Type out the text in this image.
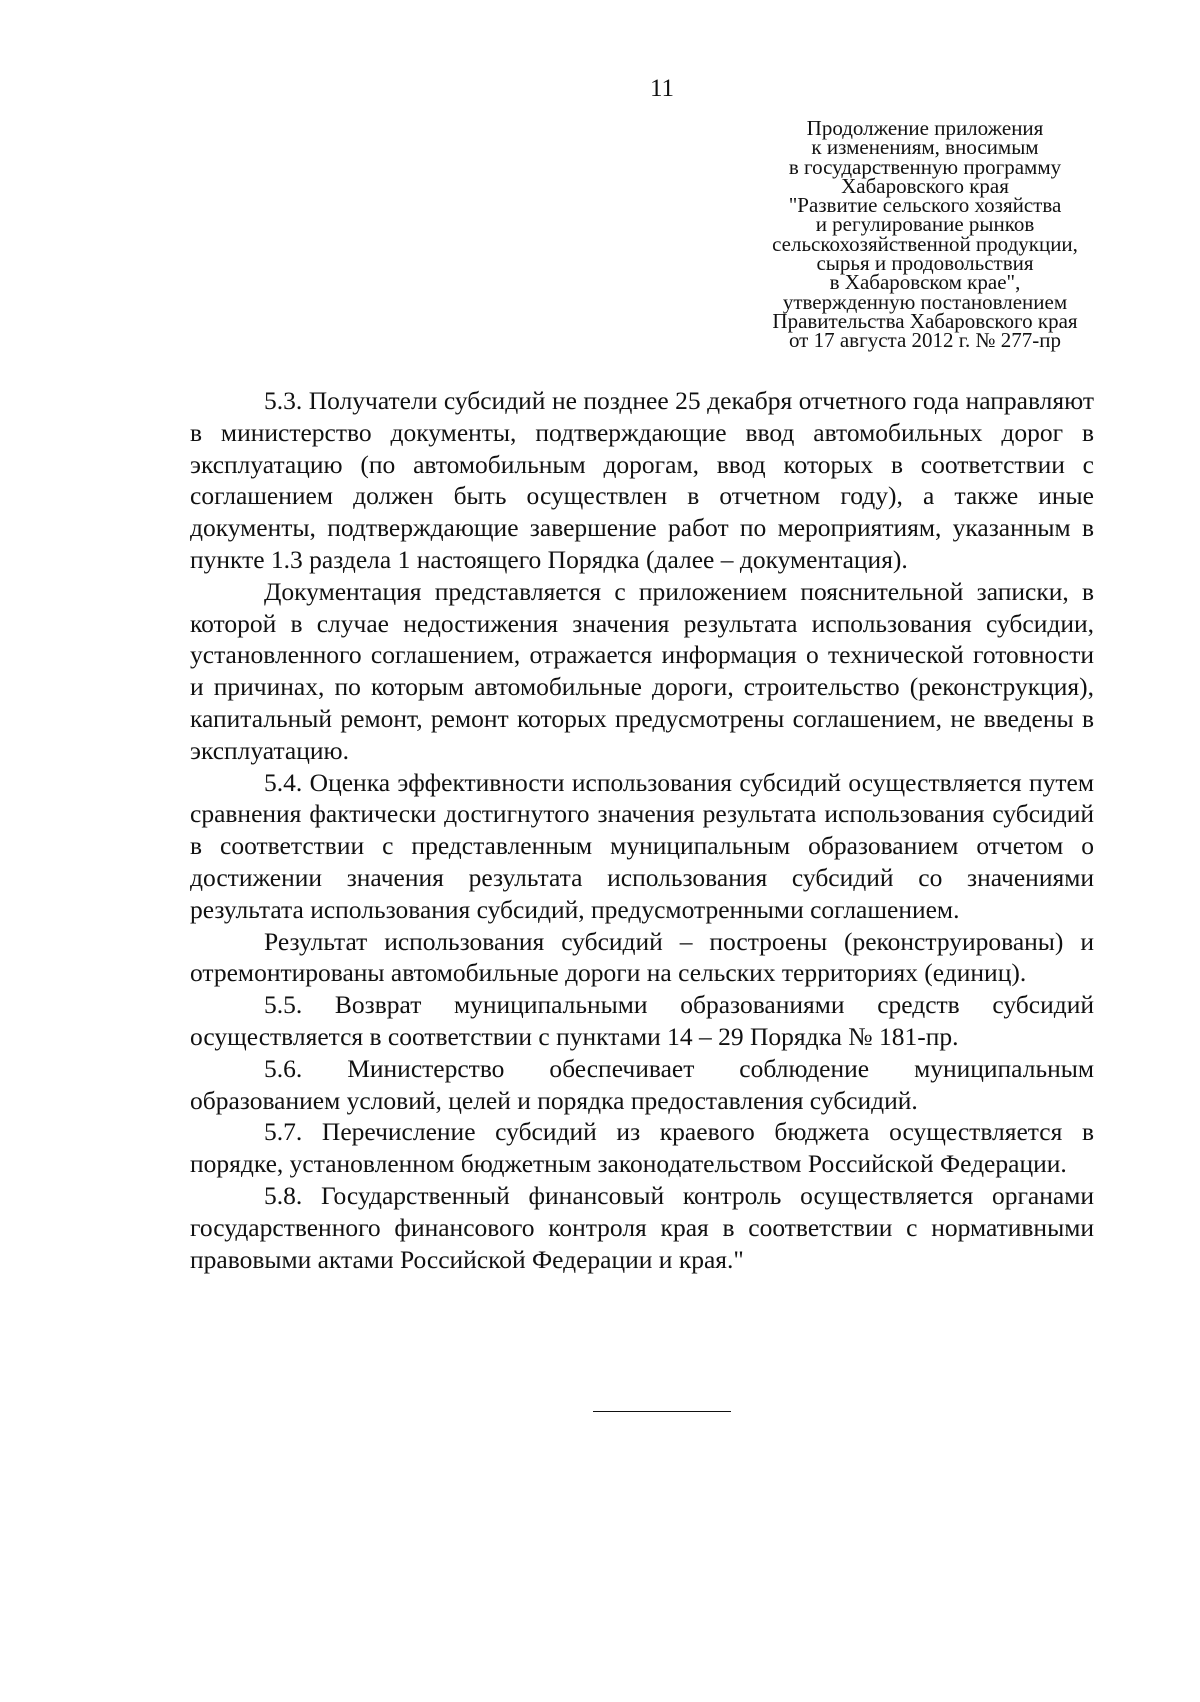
11
Продолжение приложения
к изменениям, вносимым
в государственную программу
Хабаровского края
"Развитие сельского хозяйства
и регулирование рынков
сельскохозяйственной продукции,
сырья и продовольствия
в Хабаровском крае",
утвержденную постановлением
Правительства Хабаровского края
от 17 августа 2012 г. № 277-пр

5.3. Получатели субсидий не позднее 25 декабря отчетного года направляют в министерство документы, подтверждающие ввод автомобильных дорог в эксплуатацию (по автомобильным дорогам, ввод которых в соответствии с соглашением должен быть осуществлен в отчетном году), а также иные документы, подтверждающие завершение работ по мероприятиям, указанным в пункте 1.3 раздела 1 настоящего Порядка (далее – документация).

Документация представляется с приложением пояснительной записки, в которой в случае недостижения значения результата использования субсидии, установленного соглашением, отражается информация о технической готовности и причинах, по которым автомобильные дороги, строительство (реконструкция), капитальный ремонт, ремонт которых предусмотрены соглашением, не введены в эксплуатацию.

5.4. Оценка эффективности использования субсидий осуществляется путем сравнения фактически достигнутого значения результата использования субсидий в соответствии с представленным муниципальным образованием отчетом о достижении значения результата использования субсидий со значениями результата использования субсидий, предусмотренными соглашением.

Результат использования субсидий – построены (реконструированы) и отремонтированы автомобильные дороги на сельских территориях (единиц).

5.5. Возврат муниципальными образованиями средств субсидий осуществляется в соответствии с пунктами 14 – 29 Порядка № 181-пр.

5.6. Министерство обеспечивает соблюдение муниципальным образованием условий, целей и порядка предоставления субсидий.

5.7. Перечисление субсидий из краевого бюджета осуществляется в порядке, установленном бюджетным законодательством Российской Федерации.

5.8. Государственный финансовый контроль осуществляется органами государственного финансового контроля края в соответствии с нормативными правовыми актами Российской Федерации и края."
